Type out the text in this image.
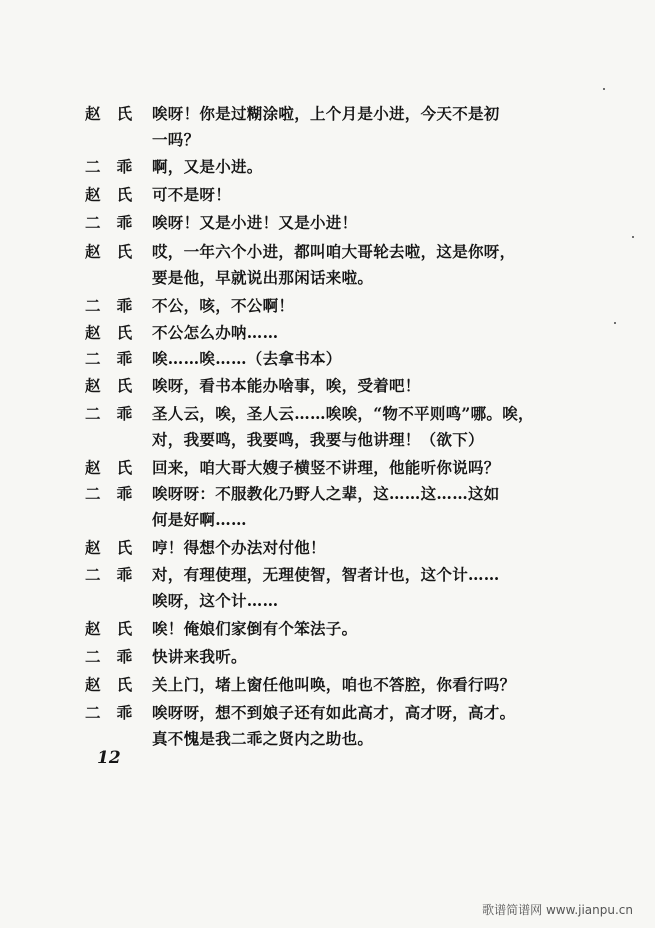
赵　氏	唉呀！你是过糊涂啦，上个月是小进，今天不是初
一吗？
二　乖	啊，又是小进。
赵　氏	可不是呀！
二　乖	唉呀！又是小进！又是小进！
赵　氏	哎，一年六个小进，都叫咱大哥轮去啦，这是你呀，
要是他，早就说出那闲话来啦。
二　乖	不公，咳，不公啊！
赵　氏	不公怎么办呐……
二　乖	唉……唉……（去拿书本）
赵　氏	唉呀，看书本能办啥事，唉，受着吧！
二　乖	圣人云，唉，圣人云……唉唉，“物不平则鸣”哪。唉，
对，我要鸣，我要鸣，我要与他讲理！（欲下）
赵　氏	回来，咱大哥大嫂子横竖不讲理，他能听你说吗？
二　乖	唉呀呀：不服教化乃野人之辈，这……这……这如
何是好啊……
赵　氏	哼！得想个办法对付他！
二　乖	对，有理使理，无理使智，智者计也，这个计……
唉呀，这个计……
赵　氏	唉！俺娘们家倒有个笨法子。
二　乖	快讲来我听。
赵　氏	关上门，堵上窗任他叫唤，咱也不答腔，你看行吗？
二　乖	唉呀呀，想不到娘子还有如此高才，高才呀，高才。
真不愧是我二乖之贤内之助也。
12
歌谱简谱网 www.jianpu.cn
